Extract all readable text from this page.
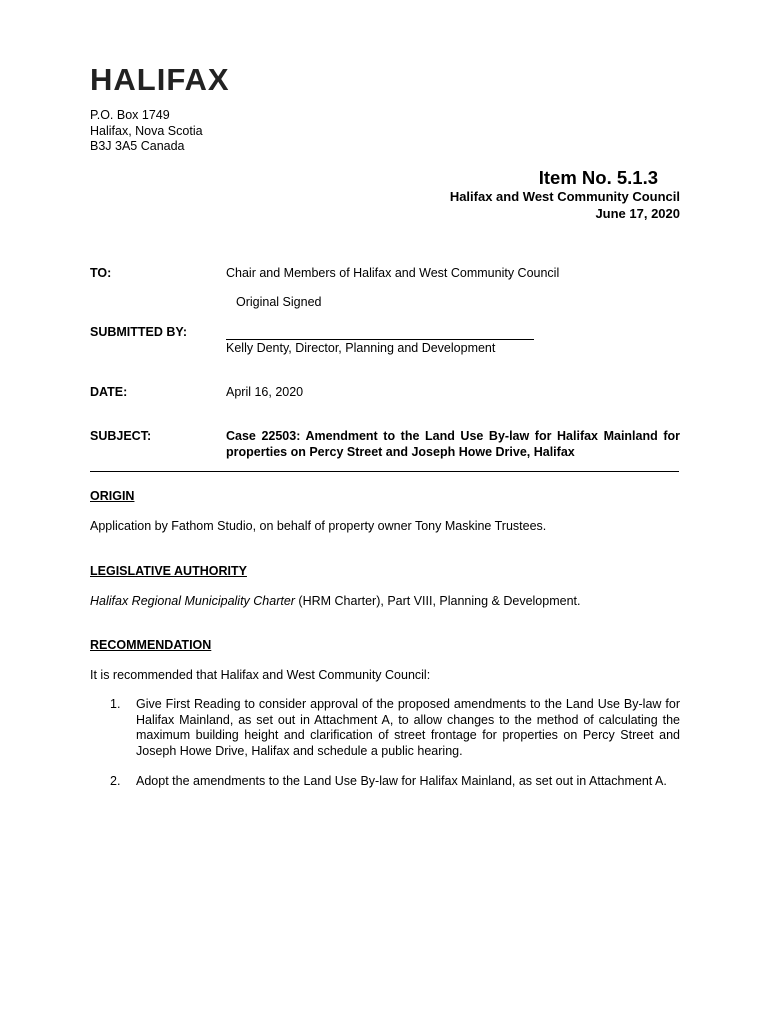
HALIFAX
P.O. Box 1749
Halifax, Nova Scotia
B3J 3A5 Canada
Item No. 5.1.3
Halifax and West Community Council
June 17, 2020
TO:	Chair and Members of Halifax and West Community Council
Original Signed
SUBMITTED BY:
Kelly Denty, Director, Planning and Development
DATE:	April 16, 2020
SUBJECT:	Case 22503: Amendment to the Land Use By-law for Halifax Mainland for properties on Percy Street and Joseph Howe Drive, Halifax
ORIGIN
Application by Fathom Studio, on behalf of property owner Tony Maskine Trustees.
LEGISLATIVE AUTHORITY
Halifax Regional Municipality Charter (HRM Charter), Part VIII, Planning & Development.
RECOMMENDATION
It is recommended that Halifax and West Community Council:
1. Give First Reading to consider approval of the proposed amendments to the Land Use By-law for Halifax Mainland, as set out in Attachment A, to allow changes to the method of calculating the maximum building height and clarification of street frontage for properties on Percy Street and Joseph Howe Drive, Halifax and schedule a public hearing.
2. Adopt the amendments to the Land Use By-law for Halifax Mainland, as set out in Attachment A.
